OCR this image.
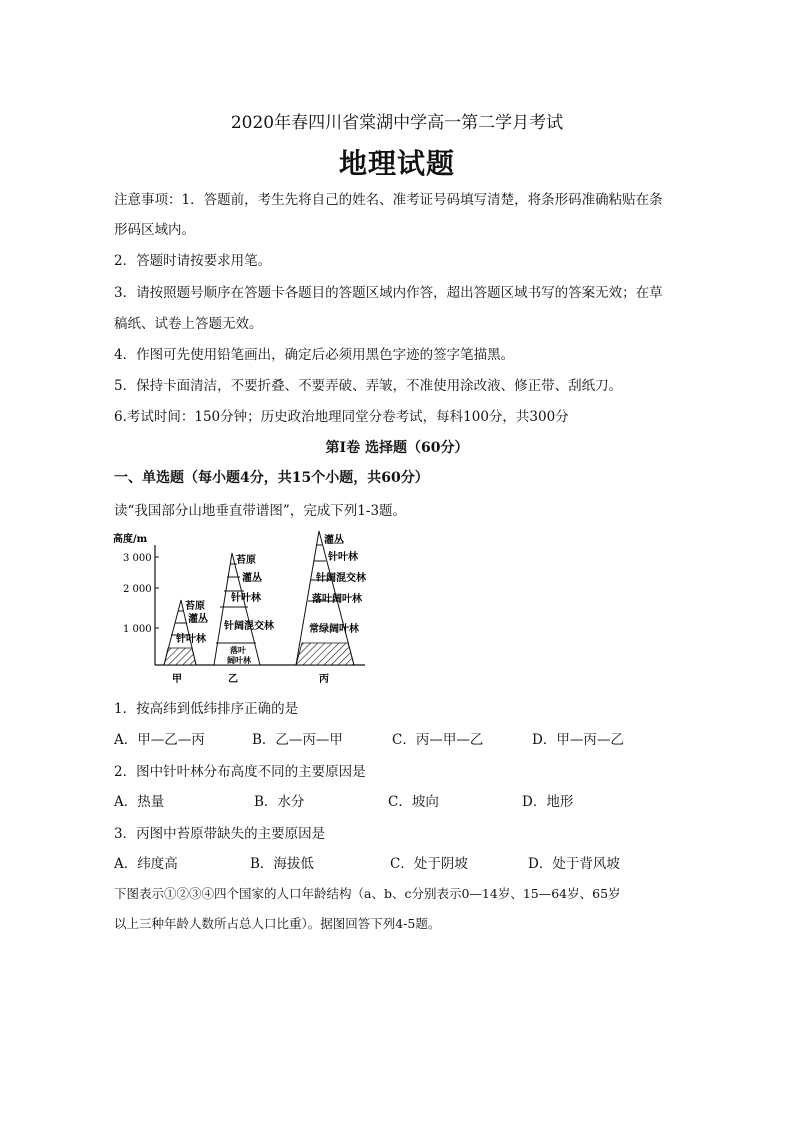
2020年春四川省棠湖中学高一第二学月考试
地理试题
注意事项：1．答题前，考生先将自己的姓名、准考证号码填写清楚，将条形码准确粘贴在条
形码区域内。
2．答题时请按要求用笔。
3．请按照题号顺序在答题卡各题目的答题区域内作答，超出答题区域书写的答案无效；在草
稿纸、试卷上答题无效。
4．作图可先使用铅笔画出，确定后必须用黑色字迹的签字笔描黑。
5．保持卡面清洁，不要折叠、不要弄破、弄皱，不准使用涂改液、修正带、刮纸刀。
6.考试时间：150分钟；历史政治地理同堂分卷考试，每科100分，共300分
第Ⅰ卷 选择题（60分）
一、单选题（每小题4分，共15个小题，共60分）
读“我国部分山地垂直带谱图”，完成下列1-3题。
高度/m
3 000
2 000
1 000
苔原
灌丛
针叶林
甲
苔原
灌丛
针叶林
针阔混交林
落叶
阔叶林
乙
灌丛
针叶林
针阔混交林
落叶阔叶林
常绿阔叶林
丙
1．按高纬到低纬排序正确的是
A．甲—乙—丙	B．乙—丙—甲	C．丙—甲—乙	D．甲—丙—乙
2．图中针叶林分布高度不同的主要原因是
A．热量	B．水分	C．坡向	D．地形
3．丙图中苔原带缺失的主要原因是
A．纬度高	B．海拔低	C．处于阴坡	D．处于背风坡
下图表示①②③④四个国家的人口年龄结构（a、b、c分别表示0—14岁、15—64岁、65岁
以上三种年龄人数所占总人口比重）。据图回答下列4-5题。
